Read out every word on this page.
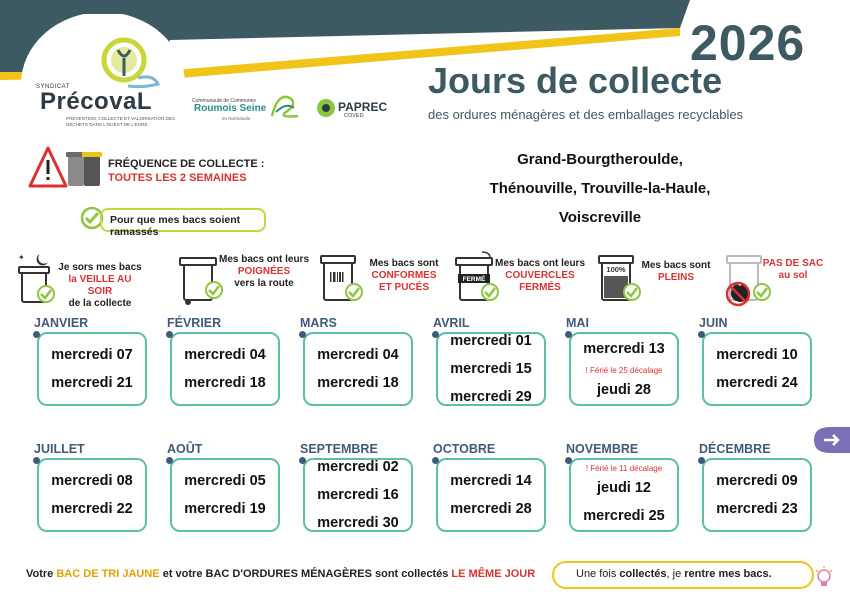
SYNDICAT
PrécovaL
PRÉVENTION, COLLECTE ET VALORISATION DES DÉCHETS DANS L'OUEST DE L'EURE
Communauté de Communes
Roumois Seine
en Normandie
PAPREC
COVED
2026
Jours de collecte
des ordures ménagères et des emballages recyclables
FRÉQUENCE DE COLLECTE :
TOUTES LES 2 SEMAINES
Grand-Bourgtheroulde,
Thénouville, Trouville-la-Haule,
Voiscreville
Pour que mes bacs soient ramassés
✦
Je sors mes bacs
la VEILLE AU SOIR
de la collecte
Mes bacs ont leurs
POIGNÉES
vers la route
Mes bacs sont
CONFORMES
ET PUCÉS
FERMÉ
Mes bacs ont leurs
COUVERCLES
FERMÉS
100%	Mes bacs sont
PLEINS
PAS DE SAC
au sol
JANVIER
mercredi 07
mercredi 21
FÉVRIER
mercredi 04
mercredi 18
MARS
mercredi 04
mercredi 18
AVRIL
mercredi 01
mercredi 15
mercredi 29
MAI
mercredi 13
! Férié le 25 décalage
jeudi 28
JUIN
mercredi 10
mercredi 24
JUILLET
mercredi 08
mercredi 22
AOÛT
mercredi 05
mercredi 19
SEPTEMBRE
mercredi 02
mercredi 16
mercredi 30
OCTOBRE
mercredi 14
mercredi 28
NOVEMBRE
! Férié le 11 décalage
jeudi 12
mercredi 25
DÉCEMBRE
mercredi 09
mercredi 23
Votre BAC DE TRI JAUNE et votre BAC D'ORDURES MÉNAGÈRES sont collectés LE MÊME JOUR	Une fois collectés, je rentre mes bacs.
